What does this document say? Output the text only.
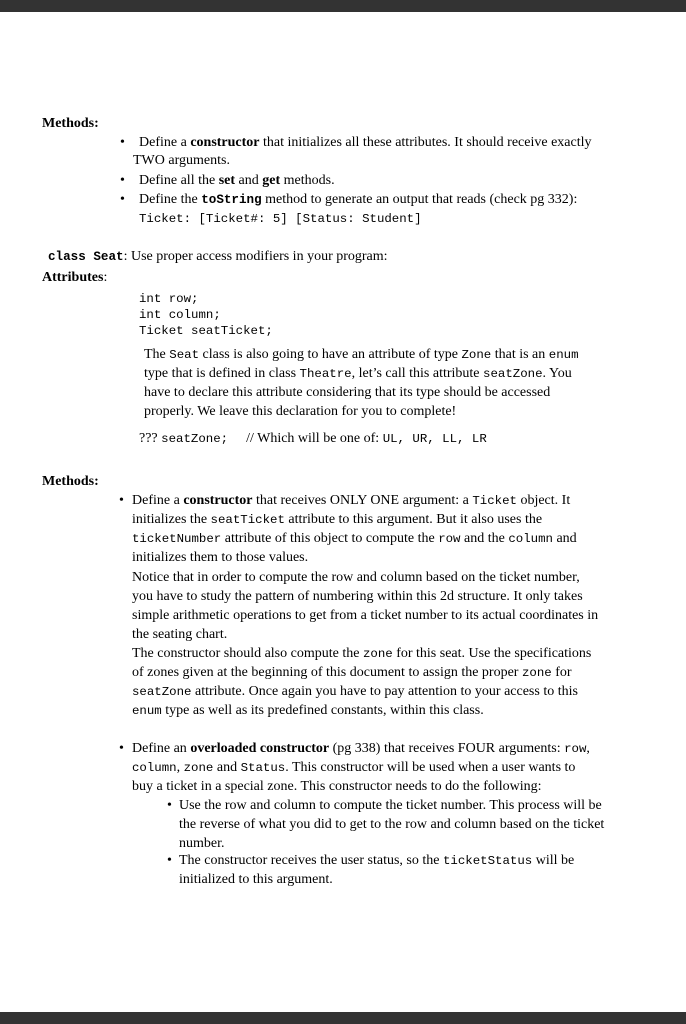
Methods:
• Define a constructor that initializes all these attributes. It should receive exactly
TWO arguments.
• Define all the set and get methods.
• Define the toString method to generate an output that reads (check pg 332):
Ticket: [Ticket#: 5] [Status: Student]
class Seat: Use proper access modifiers in your program:
Attributes:
int row;
int column;
Ticket seatTicket;
The Seat class is also going to have an attribute of type Zone that is an enum
type that is defined in class Theatre, let’s call this attribute seatZone. You
have to declare this attribute considering that its type should be accessed
properly. We leave this declaration for you to complete!
??? seatZone; // Which will be one of: UL, UR, LL, LR
Methods:
• Define a constructor that receives ONLY ONE argument: a Ticket object. It
initializes the seatTicket attribute to this argument. But it also uses the
ticketNumber attribute of this object to compute the row and the column and
initializes them to those values.
Notice that in order to compute the row and column based on the ticket number,
you have to study the pattern of numbering within this 2d structure. It only takes
simple arithmetic operations to get from a ticket number to its actual coordinates in
the seating chart.
The constructor should also compute the zone for this seat. Use the specifications
of zones given at the beginning of this document to assign the proper zone for
seatZone attribute. Once again you have to pay attention to your access to this
enum type as well as its predefined constants, within this class.
• Define an overloaded constructor (pg 338) that receives FOUR arguments: row,
column, zone and Status. This constructor will be used when a user wants to
buy a ticket in a special zone. This constructor needs to do the following:
• Use the row and column to compute the ticket number. This process will be
the reverse of what you did to get to the row and column based on the ticket
number.
• The constructor receives the user status, so the ticketStatus will be
initialized to this argument.
